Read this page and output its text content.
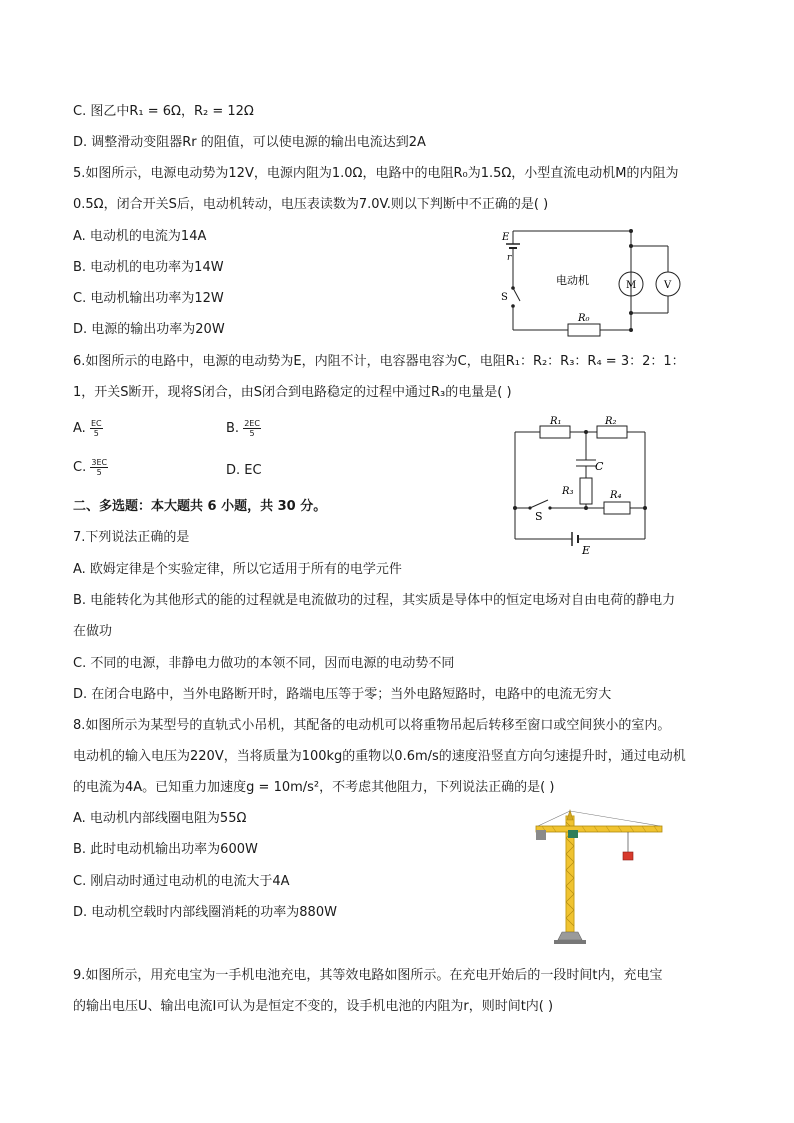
C. 图乙中R₁ = 6Ω，R₂ = 12Ω
D. 调整滑动变阻器Rr 的阻值，可以使电源的输出电流达到2A
5.如图所示，电源电动势为12V，电源内阻为1.0Ω，电路中的电阻R₀为1.5Ω，小型直流电动机M的内阻为
0.5Ω，闭合开关S后，电动机转动，电压表读数为7.0V.则以下判断中不正确的是( )
A. 电动机的电流为14A
B. 电动机的电功率为14W
C. 电动机输出功率为12W
D. 电源的输出功率为20W
E
r
S
电动机	M	V
R₀
6.如图所示的电路中，电源的电动势为E，内阻不计，电容器电容为C，电阻R₁：R₂：R₃：R₄ = 3：2：1：
1，开关S断开，现将S闭合，由S闭合到电路稳定的过程中通过R₃的电量是( )
A. $\frac{EC}{5}$	B. $\frac{2EC}{5}$
C. $\frac{3EC}{5}$	D. EC
R₁	R₂
C
R₃	R₄
S
E
二、多选题：本大题共 6 小题，共 30 分。
7.下列说法正确的是
A. 欧姆定律是个实验定律，所以它适用于所有的电学元件
B. 电能转化为其他形式的能的过程就是电流做功的过程，其实质是导体中的恒定电场对自由电荷的静电力
在做功
C. 不同的电源，非静电力做功的本领不同，因而电源的电动势不同
D. 在闭合电路中，当外电路断开时，路端电压等于零；当外电路短路时，电路中的电流无穷大
8.如图所示为某型号的直轨式小吊机，其配备的电动机可以将重物吊起后转移至窗口或空间狭小的室内。
电动机的输入电压为220V，当将质量为100kg的重物以0.6m/s的速度沿竖直方向匀速提升时，通过电动机
的电流为4A。已知重力加速度g = 10m/s²，不考虑其他阻力，下列说法正确的是( )
A. 电动机内部线圈电阻为55Ω
B. 此时电动机输出功率为600W
C. 刚启动时通过电动机的电流大于4A
D. 电动机空载时内部线圈消耗的功率为880W
9.如图所示，用充电宝为一手机电池充电，其等效电路如图所示。在充电开始后的一段时间t内，充电宝
的输出电压U、输出电流I可认为是恒定不变的，设手机电池的内阻为r，则时间t内( )
